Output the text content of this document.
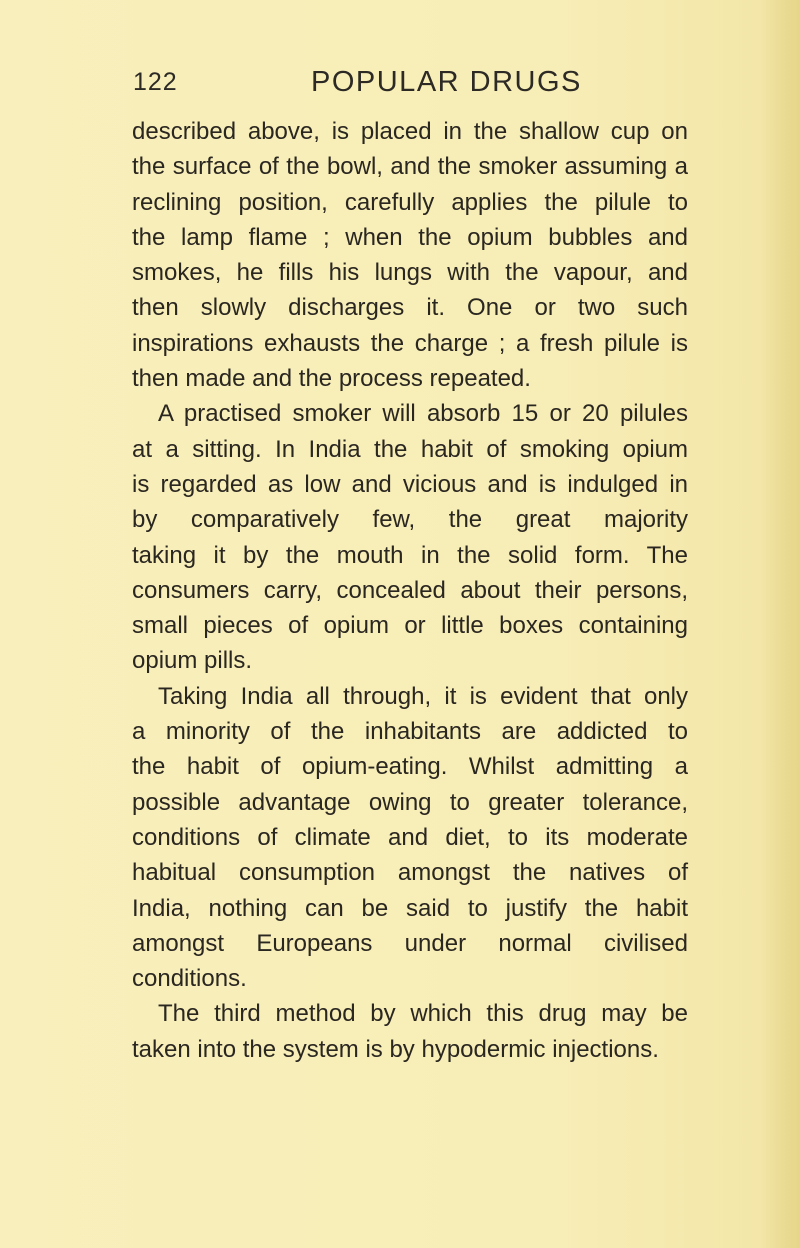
122	POPULAR DRUGS
described above, is placed in the shallow cup on
the surface of the bowl, and the smoker assuming a
reclining position, carefully applies the pilule to
the lamp flame ; when the opium bubbles and
smokes, he fills his lungs with the vapour, and
then slowly discharges it. One or two such
inspirations exhausts the charge ; a fresh pilule is
then made and the process repeated.
A practised smoker will absorb 15 or 20 pilules
at a sitting. In India the habit of smoking opium
is regarded as low and vicious and is indulged in
by comparatively few, the great majority
taking it by the mouth in the solid form. The
consumers carry, concealed about their persons,
small pieces of opium or little boxes containing
opium pills.
Taking India all through, it is evident that only
a minority of the inhabitants are addicted to
the habit of opium-eating. Whilst admitting a
possible advantage owing to greater tolerance,
conditions of climate and diet, to its moderate
habitual consumption amongst the natives of
India, nothing can be said to justify the habit
amongst Europeans under normal civilised
conditions.
The third method by which this drug may be
taken into the system is by hypodermic injections.
